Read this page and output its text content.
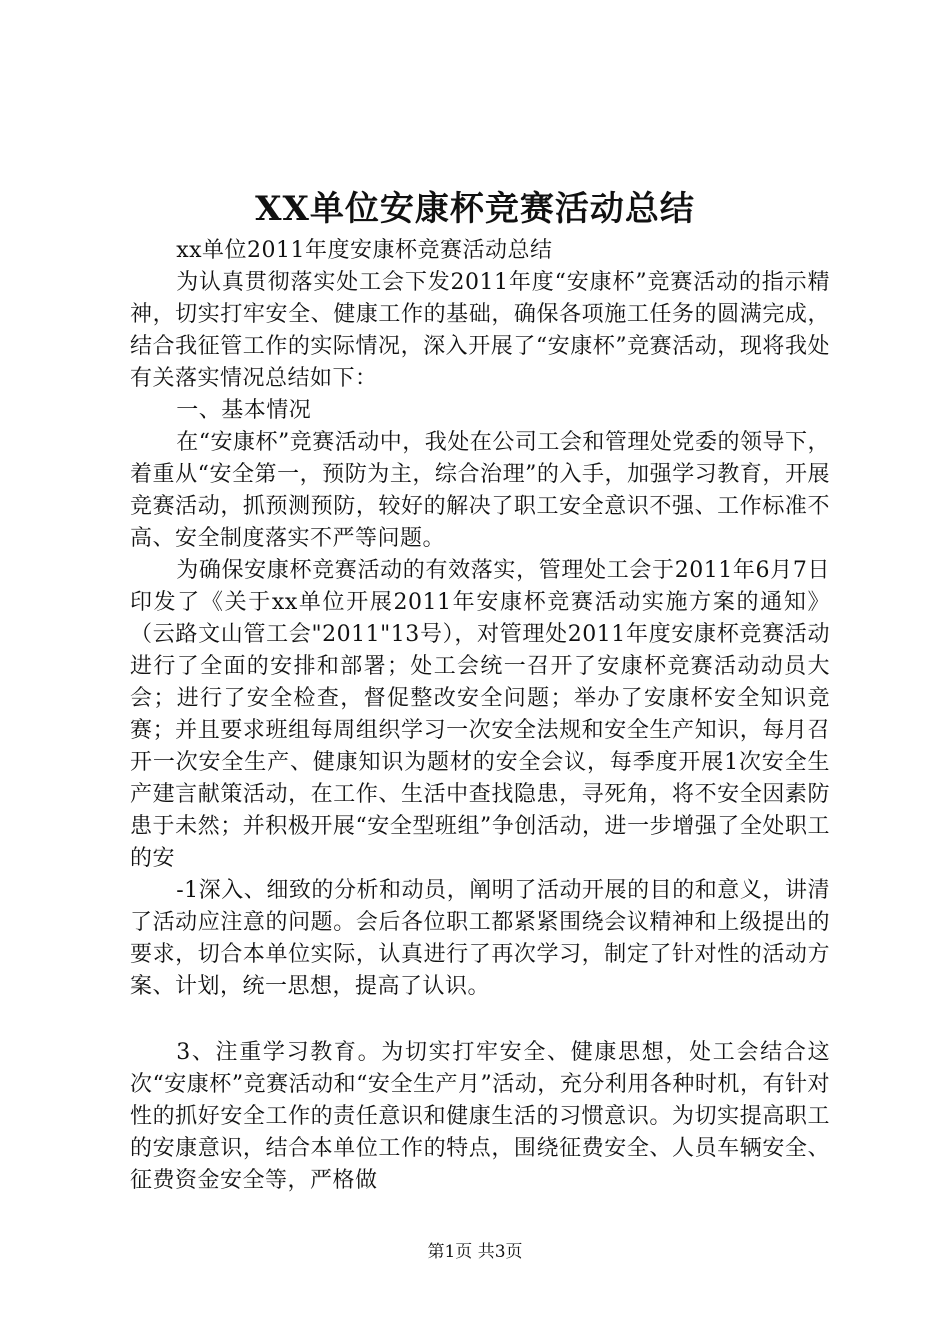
XX单位安康杯竞赛活动总结

xx单位2011年度安康杯竞赛活动总结

为认真贯彻落实处工会下发2011年度“安康杯”竞赛活动的指示精神，切实打牢安全、健康工作的基础，确保各项施工任务的圆满完成，结合我征管工作的实际情况，深入开展了“安康杯”竞赛活动，现将我处有关落实情况总结如下：

一、基本情况

在“安康杯”竞赛活动中，我处在公司工会和管理处党委的领导下，着重从“安全第一，预防为主，综合治理”的入手，加强学习教育，开展竞赛活动，抓预测预防，较好的解决了职工安全意识不强、工作标准不高、安全制度落实不严等问题。

为确保安康杯竞赛活动的有效落实，管理处工会于2011年6月7日印发了《关于xx单位开展2011年安康杯竞赛活动实施方案的通知》（云路文山管工会"2011"13号），对管理处2011年度安康杯竞赛活动进行了全面的安排和部署；处工会统一召开了安康杯竞赛活动动员大会；进行了安全检查，督促整改安全问题；举办了安康杯安全知识竞赛；并且要求班组每周组织学习一次安全法规和安全生产知识，每月召开一次安全生产、健康知识为题材的安全会议，每季度开展1次安全生产建言献策活动，在工作、生活中查找隐患，寻死角，将不安全因素防患于未然；并积极开展“安全型班组”争创活动，进一步增强了全处职工的安

-1深入、细致的分析和动员，阐明了活动开展的目的和意义，讲清了活动应注意的问题。会后各位职工都紧紧围绕会议精神和上级提出的要求，切合本单位实际，认真进行了再次学习，制定了针对性的活动方案、计划，统一思想，提高了认识。

3、注重学习教育。为切实打牢安全、健康思想，处工会结合这次“安康杯”竞赛活动和“安全生产月”活动，充分利用各种时机，有针对性的抓好安全工作的责任意识和健康生活的习惯意识。为切实提高职工的安康意识，结合本单位工作的特点，围绕征费安全、人员车辆安全、征费资金安全等，严格做

第1页 共3页
